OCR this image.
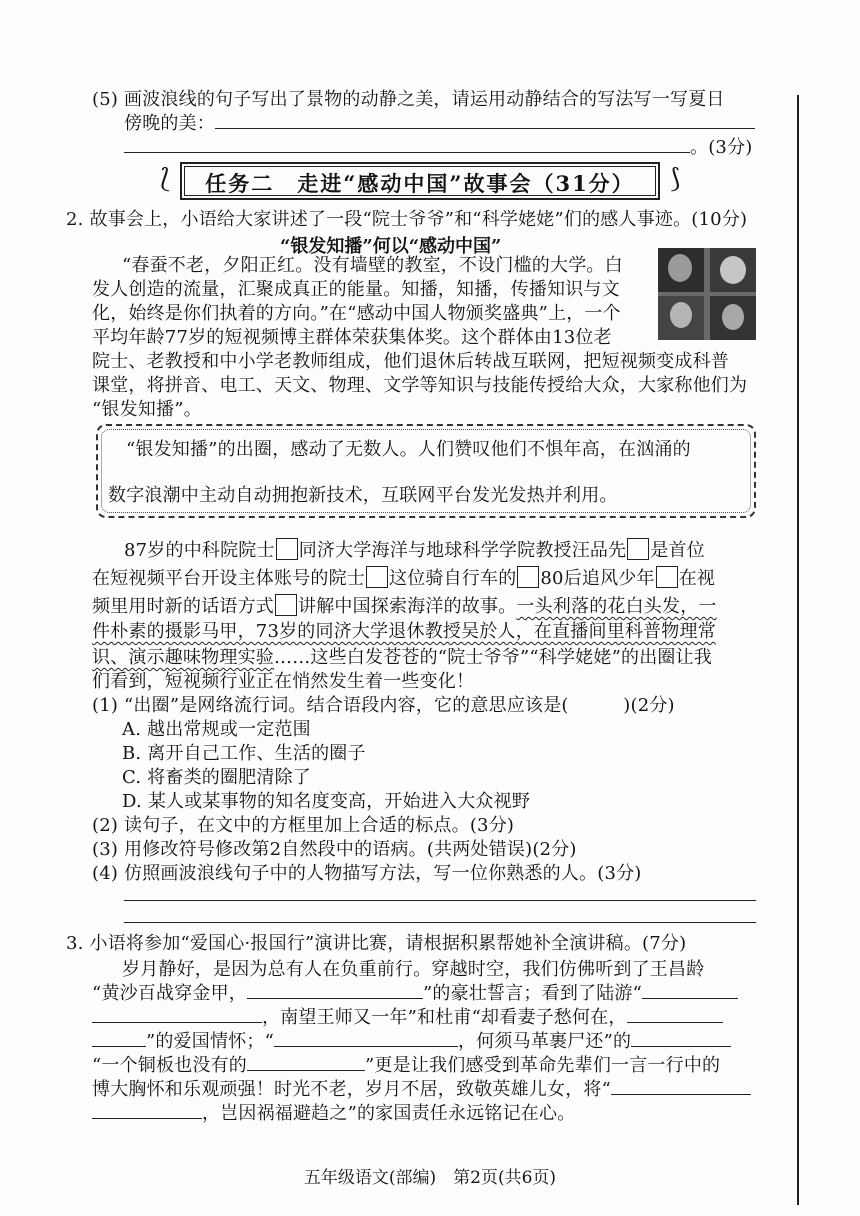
(5) 画波浪线的句子写出了景物的动静之美，请运用动静结合的写法写一写夏日
傍晚的美：
。(3分)
⟅	⟆
任务二　走进“感动中国”故事会（31分）
2. 故事会上，小语给大家讲述了一段“院士爷爷”和“科学姥姥”们的感人事迹。(10分)
“银发知播”何以“感动中国”
“春蚕不老，夕阳正红。没有墙壁的教室，不设门槛的大学。白
发人创造的流量，汇聚成真正的能量。知播，知播，传播知识与文
化，始终是你们执着的方向。”在“感动中国人物颁奖盛典”上，一个
平均年龄77岁的短视频博主群体荣获集体奖。这个群体由13位老
院士、老教授和中小学老教师组成，他们退休后转战互联网，把短视频变成科普
课堂，将拼音、电工、天文、物理、文学等知识与技能传授给大众，大家称他们为
“银发知播”。
“银发知播”的出圈，感动了无数人。人们赞叹他们不惧年高，在汹涌的
数字浪潮中主动自动拥抱新技术，互联网平台发光发热并利用。
87岁的中科院院士 同济大学海洋与地球科学学院教授汪品先 是首位
在短视频平台开设主体账号的院士 这位骑自行车的 80后追风少年 在视
频里用时新的话语方式 讲解中国探索海洋的故事。一头利落的花白头发，一
件朴素的摄影马甲，73岁的同济大学退休教授吴於人，在直播间里科普物理常
识、演示趣味物理实验……这些白发苍苍的“院士爷爷”“科学姥姥”的出圈让我
们看到，短视频行业正在悄然发生着一些变化！
(1) “出圈”是网络流行词。结合语段内容，它的意思应该是(　　　)(2分)
A. 越出常规或一定范围
B. 离开自己工作、生活的圈子
C. 将畜类的圈肥清除了
D. 某人或某事物的知名度变高，开始进入大众视野
(2) 读句子，在文中的方框里加上合适的标点。(3分)
(3) 用修改符号修改第2自然段中的语病。(共两处错误)(2分)
(4) 仿照画波浪线句子中的人物描写方法，写一位你熟悉的人。(3分)
3. 小语将参加“爱国心·报国行”演讲比赛，请根据积累帮她补全演讲稿。(7分)
岁月静好，是因为总有人在负重前行。穿越时空，我们仿佛听到了王昌龄
“黄沙百战穿金甲，	”的豪壮誓言；看到了陆游“
，南望王师又一年”和杜甫“却看妻子愁何在，
”的爱国情怀；“	，何须马革裹尸还”的
“一个铜板也没有的	”更是让我们感受到革命先辈们一言一行中的
博大胸怀和乐观顽强！时光不老，岁月不居，致敬英雄儿女，将“
，岂因祸福避趋之”的家国责任永远铭记在心。
五年级语文(部编)　第2页(共6页)
